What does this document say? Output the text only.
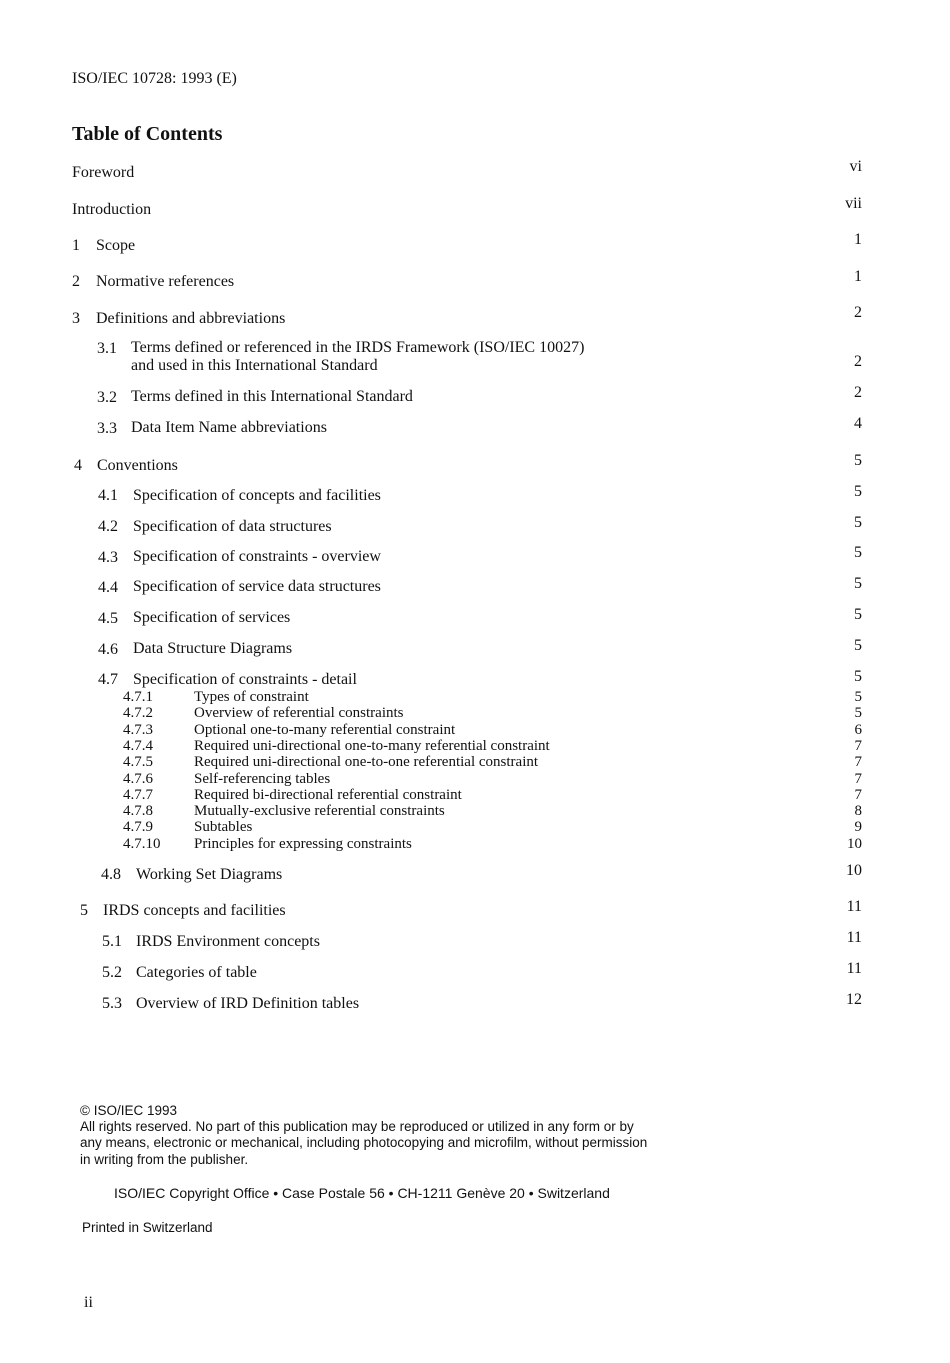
ISO/IEC 10728: 1993 (E)
Table of Contents
Foreword	vi
Introduction	vii
1 Scope	1
2 Normative references	1
3 Definitions and abbreviations	2
3.1 Terms defined or referenced in the IRDS Framework (ISO/IEC 10027)
and used in this International Standard	2
3.2 Terms defined in this International Standard	2
3.3 Data Item Name abbreviations	4
4 Conventions	5
4.1 Specification of concepts and facilities	5
4.2 Specification of data structures	5
4.3 Specification of constraints - overview	5
4.4 Specification of service data structures	5
4.5 Specification of services	5
4.6 Data Structure Diagrams	5
4.7 Specification of constraints - detail	5
4.7.1	Types of constraint	5
4.7.2	Overview of referential constraints	5
4.7.3	Optional one-to-many referential constraint	6
4.7.4	Required uni-directional one-to-many referential constraint	7
4.7.5	Required uni-directional one-to-one referential constraint	7
4.7.6	Self-referencing tables	7
4.7.7	Required bi-directional referential constraint	7
4.7.8	Mutually-exclusive referential constraints	8
4.7.9	Subtables	9
4.7.10 Principles for expressing constraints	10
4.8 Working Set Diagrams	10
5 IRDS concepts and facilities	11
5.1 IRDS Environment concepts	11
5.2 Categories of table	11
5.3 Overview of IRD Definition tables	12
© ISO/IEC 1993
All rights reserved. No part of this publication may be reproduced or utilized in any form or by
any means, electronic or mechanical, including photocopying and microfilm, without permission
in writing from the publisher.
ISO/IEC Copyright Office • Case Postale 56 • CH-1211 Genève 20 • Switzerland
Printed in Switzerland
ii
